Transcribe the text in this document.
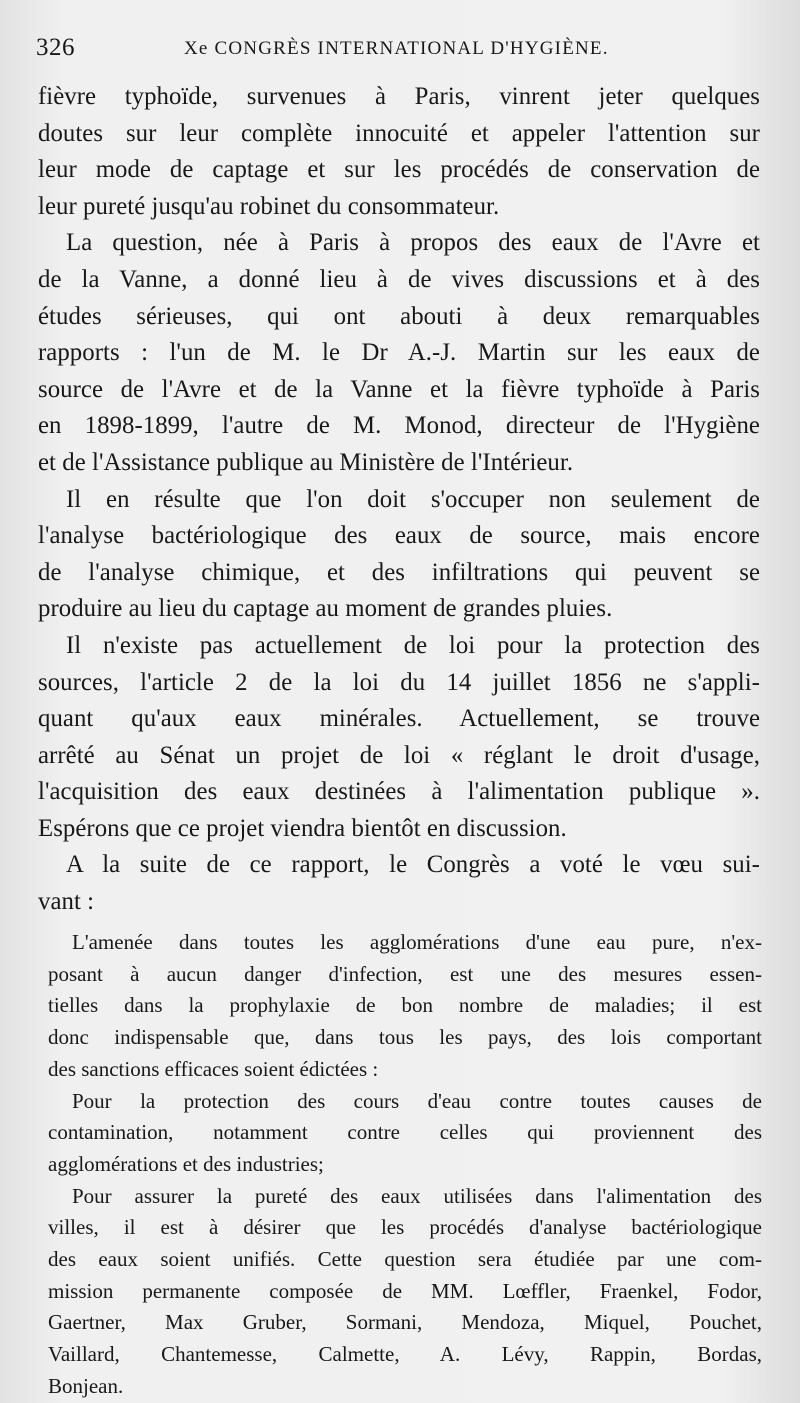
326	Xe CONGRÈS INTERNATIONAL D'HYGIÈNE.
fièvre typhoïde, survenues à Paris, vinrent jeter quelques
doutes sur leur complète innocuité et appeler l'attention sur
leur mode de captage et sur les procédés de conservation de
leur pureté jusqu'au robinet du consommateur.
La question, née à Paris à propos des eaux de l'Avre et
de la Vanne, a donné lieu à de vives discussions et à des
études sérieuses, qui ont abouti à deux remarquables
rapports : l'un de M. le Dr A.-J. Martin sur les eaux de
source de l'Avre et de la Vanne et la fièvre typhoïde à Paris
en 1898-1899, l'autre de M. Monod, directeur de l'Hygiène
et de l'Assistance publique au Ministère de l'Intérieur.
Il en résulte que l'on doit s'occuper non seulement de
l'analyse bactériologique des eaux de source, mais encore
de l'analyse chimique, et des infiltrations qui peuvent se
produire au lieu du captage au moment de grandes pluies.
Il n'existe pas actuellement de loi pour la protection des
sources, l'article 2 de la loi du 14 juillet 1856 ne s'appli-
quant qu'aux eaux minérales. Actuellement, se trouve
arrêté au Sénat un projet de loi « réglant le droit d'usage,
l'acquisition des eaux destinées à l'alimentation publique ».
Espérons que ce projet viendra bientôt en discussion.
A la suite de ce rapport, le Congrès a voté le vœu sui-
vant :
L'amenée dans toutes les agglomérations d'une eau pure, n'ex-
posant à aucun danger d'infection, est une des mesures essen-
tielles dans la prophylaxie de bon nombre de maladies; il est
donc indispensable que, dans tous les pays, des lois comportant
des sanctions efficaces soient édictées :
Pour la protection des cours d'eau contre toutes causes de
contamination, notamment contre celles qui proviennent des
agglomérations et des industries;
Pour assurer la pureté des eaux utilisées dans l'alimentation des
villes, il est à désirer que les procédés d'analyse bactériologique
des eaux soient unifiés. Cette question sera étudiée par une com-
mission permanente composée de MM. Lœffler, Fraenkel, Fodor,
Gaertner, Max Gruber, Sormani, Mendoza, Miquel, Pouchet,
Vaillard, Chantemesse, Calmette, A. Lévy, Rappin, Bordas,
Bonjean.
